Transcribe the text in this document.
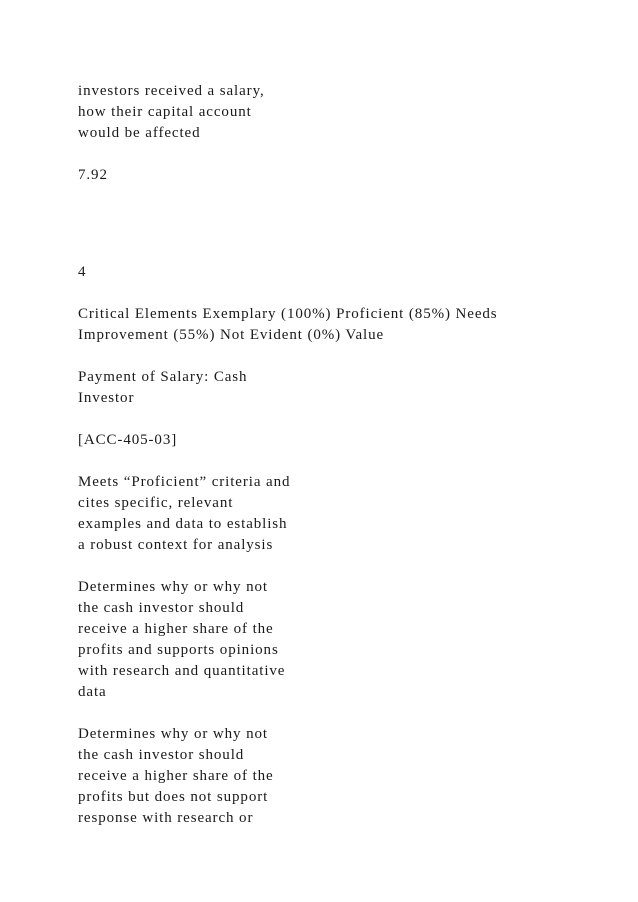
investors received a salary,

how their capital account

would be affected

7.92

4

Critical Elements Exemplary (100%) Proficient (85%) Needs

Improvement (55%) Not Evident (0%) Value

Payment of Salary: Cash

Investor

[ACC-405-03]

Meets “Proficient” criteria and

cites specific, relevant

examples and data to establish

a robust context for analysis

Determines why or why not

the cash investor should

receive a higher share of the

profits and supports opinions

with research and quantitative

data

Determines why or why not

the cash investor should

receive a higher share of the

profits but does not support

response with research or
